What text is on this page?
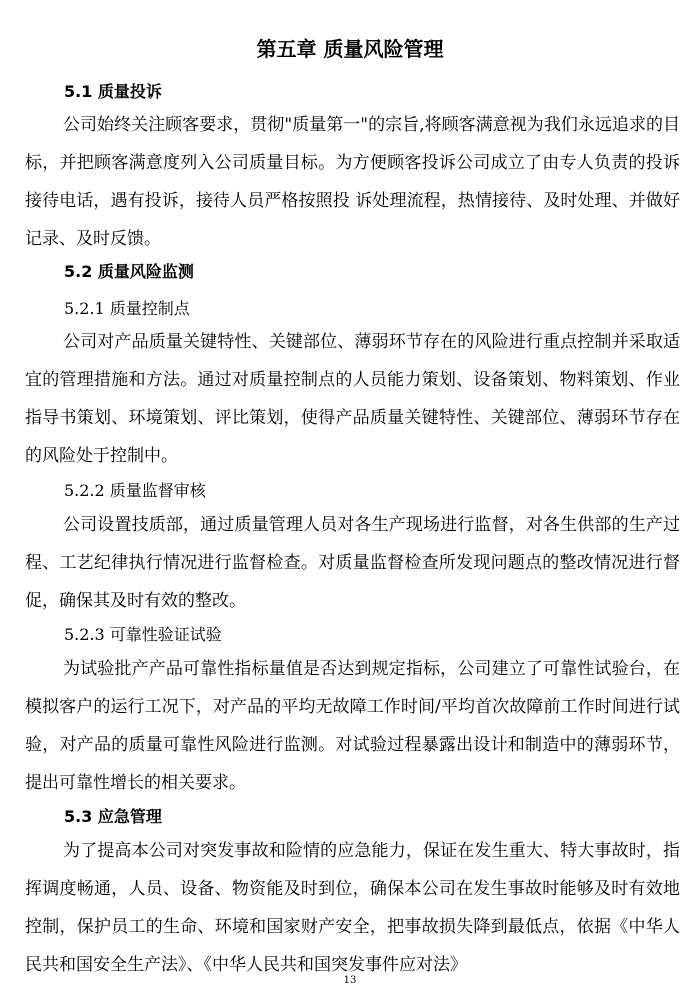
第五章 质量风险管理
5.1 质量投诉

公司始终关注顾客要求，贯彻"质量第一"的宗旨,将顾客满意视为我们永远追求的目标，并把顾客满意度列入公司质量目标。为方便顾客投诉公司成立了由专人负责的投诉接待电话，遇有投诉，接待人员严格按照投 诉处理流程，热情接待、及时处理、并做好记录、及时反馈。

5.2 质量风险监测
5.2.1 质量控制点

公司对产品质量关键特性、关键部位、薄弱环节存在的风险进行重点控制并采取适宜的管理措施和方法。通过对质量控制点的人员能力策划、设备策划、物料策划、作业指导书策划、环境策划、评比策划，使得产品质量关键特性、关键部位、薄弱环节存在的风险处于控制中。

5.2.2 质量监督审核

公司设置技质部，通过质量管理人员对各生产现场进行监督，对各生供部的生产过程、工艺纪律执行情况进行监督检查。对质量监督检查所发现问题点的整改情况进行督促，确保其及时有效的整改。

5.2.3 可靠性验证试验

为试验批产产品可靠性指标量值是否达到规定指标，公司建立了可靠性试验台，在模拟客户的运行工况下，对产品的平均无故障工作时间/平均首次故障前工作时间进行试验，对产品的质量可靠性风险进行监测。对试验过程暴露出设计和制造中的薄弱环节，提出可靠性增长的相关要求。

5.3 应急管理

为了提高本公司对突发事故和险情的应急能力，保证在发生重大、特大事故时，指挥调度畅通，人员、设备、物资能及时到位，确保本公司在发生事故时能够及时有效地控制，保护员工的生命、环境和国家财产安全，把事故损失降到最低点，依据《中华人民共和国安全生产法》、《中华人民共和国突发事件应对法》

13
